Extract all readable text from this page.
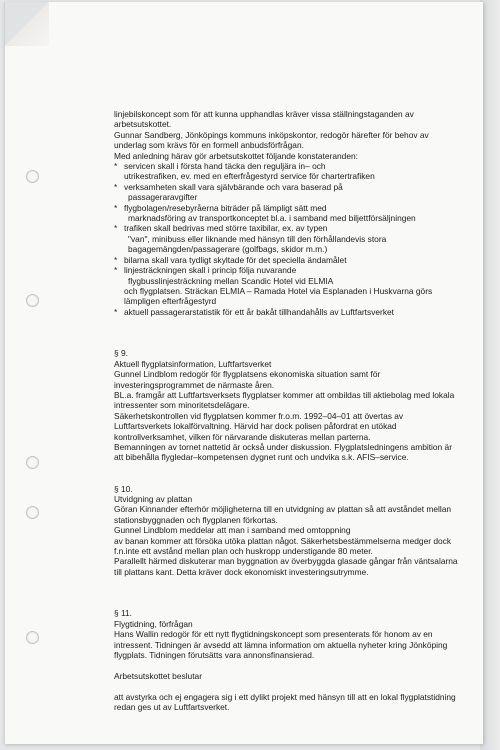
linjebilskoncept som för att kunna upphandlas kräver vissa ställningstaganden av
arbetsutskottet.
Gunnar Sandberg, Jönköpings kommuns inköpskontor, redogör härefter för behov av
underlag som krävs för en formell anbudsförfrågan.
Med anledning härav gör arbetsutskottet följande konstateranden:
* servicen skall i första hand täcka den reguljära in– och
utrikestrafiken, ev. med en efterfrågestyrd service för chartertrafiken
* verksamheten skall vara självbärande och vara baserad på
passageraravgifter
* flygbolagen/resebyråerna biträder på lämpligt sätt med
marknadsföring av transportkonceptet bl.a. i samband med biljettförsäljningen
* trafiken skall bedrivas med större taxibilar, ex. av typen
"van", minibuss eller liknande med hänsyn till den förhållandevis stora
bagagemängden/passagerare (golfbags, skidor m.m.)
* bilarna skall vara tydligt skyltade för det speciella ändamålet
* linjesträckningen skall i princip följa nuvarande
flygbusslinjesträckning mellan Scandic Hotel vid ELMIA
och flygplatsen. Sträckan ELMIA – Ramada Hotel via Esplanaden i Huskvarna görs
lämpligen efterfrågestyrd
* aktuell passagerarstatistik för ett år bakåt tillhandahålls av Luftfartsverket
§ 9.
Aktuell flygplatsinformation, Luftfartsverket
Gunnel Lindblom redogör för flygplatsens ekonomiska situation samt för
investeringsprogrammet de närmaste åren.
BL.a. framgår att Luftfartsverksets flygplatser kommer att ombildas till aktiebolag med lokala
intressenter som minoritetsdelägare.
Säkerhetskontrollen vid flygplatsen kommer fr.o.m. 1992–04–01 att övertas av
Luftfartsverkets lokalförvaltning. Härvid har dock polisen påfordrat en utökad
kontrollverksamhet, vilken för närvarande diskuteras mellan parterna.
Bemanningen av tornet nattetid är också under diskussion. Flygplatsledningens ambition är
att bibehålla flygledar–kompetensen dygnet runt och undvika s.k. AFIS–service.
§ 10.
Utvidgning av plattan
Göran Kinnander efterhör möjligheterna till en utvidgning av plattan så att avståndet mellan
stationsbyggnaden och flygplanen förkortas.
Gunnel Lindblom meddelar att man i samband med omtoppning
av banan kommer att försöka utöka plattan något. Säkerhetsbestämmelserna medger dock
f.n.inte ett avstånd mellan plan och huskropp understigande 80 meter.
Parallellt härmed diskuterar man byggnation av överbyggda glasade gångar från väntsalarna
till plattans kant. Detta kräver dock ekonomiskt investeringsutrymme.
§ 11.
Flygtidning, förfrågan
Hans Wallin redogör för ett nytt flygtidningskoncept som presenterats för honom av en
intressent. Tidningen är avsedd att lämna information om aktuella nyheter kring Jönköping
flygplats. Tidningen förutsätts vara annonsfinansierad.
Arbetsutskottet beslutar
att avstyrka och ej engagera sig i ett dylikt projekt med hänsyn till att en lokal flygplatstidning
redan ges ut av Luftfartsverket.
